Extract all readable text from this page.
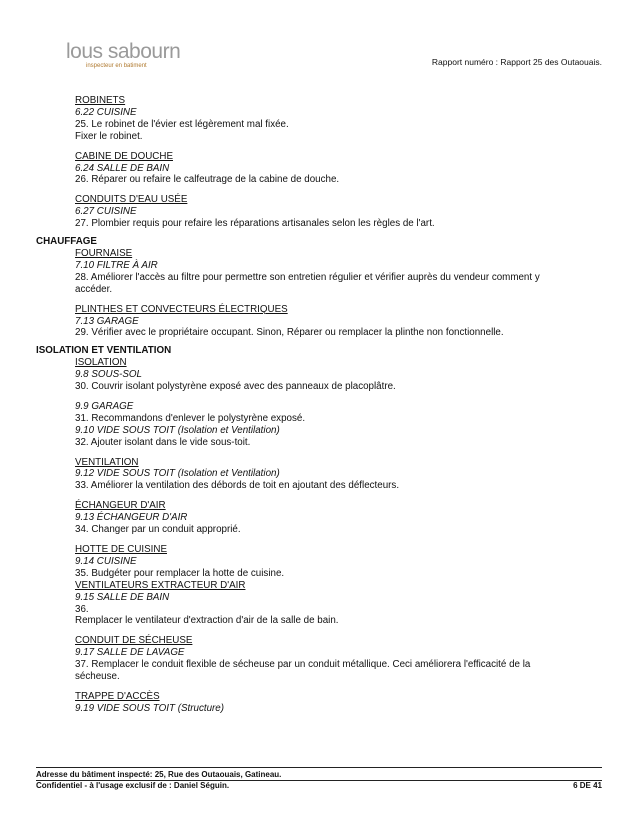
lous sabourn
inspecteur en batiment	Rapport numéro : Rapport 25 des Outaouais.
ROBINETS
6.22 CUISINE
25. Le robinet de l'évier est légèrement mal fixée.
Fixer le robinet.
CABINE DE DOUCHE
6.24 SALLE DE BAIN
26. Réparer ou refaire le calfeutrage de la cabine de douche.
CONDUITS D'EAU USÉE
6.27 CUISINE
27. Plombier requis pour refaire les réparations artisanales selon les règles de l'art.
CHAUFFAGE
FOURNAISE
7.10 FILTRE À AIR
28. Améliorer l'accès au filtre pour permettre son entretien régulier et vérifier auprès du vendeur comment y
accéder.
PLINTHES ET CONVECTEURS ÉLECTRIQUES
7.13 GARAGE
29. Vérifier avec le propriétaire occupant. Sinon, Réparer ou remplacer la plinthe non fonctionnelle.
ISOLATION ET VENTILATION
ISOLATION
9.8 SOUS-SOL
30. Couvrir isolant polystyrène exposé avec des panneaux de placoplâtre.
9.9 GARAGE
31. Recommandons d'enlever le polystyrène exposé.
9.10 VIDE SOUS TOIT (Isolation et Ventilation)
32. Ajouter isolant dans le vide sous-toit.
VENTILATION
9.12 VIDE SOUS TOIT (Isolation et Ventilation)
33. Améliorer la ventilation des débords de toit en ajoutant des déflecteurs.
ÉCHANGEUR D'AIR
9.13 ÉCHANGEUR D'AIR
34. Changer par un conduit approprié.
HOTTE DE CUISINE
9.14 CUISINE
35. Budgéter pour remplacer la hotte de cuisine.
VENTILATEURS EXTRACTEUR D'AIR
9.15 SALLE DE BAIN
36.
Remplacer le ventilateur d'extraction d'air de la salle de bain.
CONDUIT DE SÉCHEUSE
9.17 SALLE DE LAVAGE
37. Remplacer le conduit flexible de sécheuse par un conduit métallique. Ceci améliorera l'efficacité de la
sécheuse.
TRAPPE D'ACCÈS
9.19 VIDE SOUS TOIT (Structure)
Adresse du bâtiment inspecté: 25, Rue des Outaouais, Gatineau.
Confidentiel - à l'usage exclusif de : Daniel Séguin.	6 DE 41
